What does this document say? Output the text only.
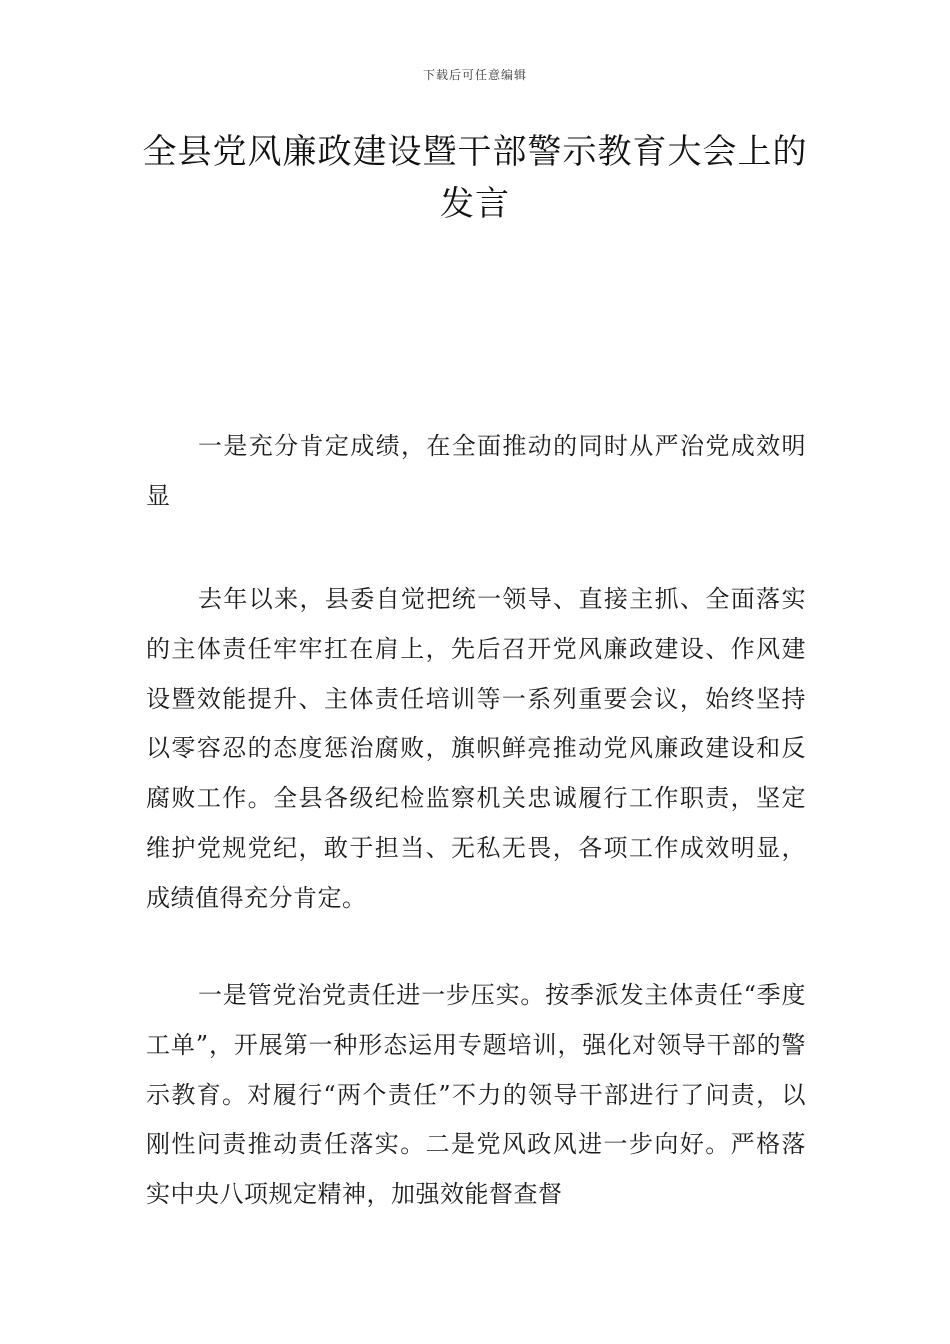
下载后可任意编辑
全县党风廉政建设暨干部警示教育大会上的发言
一是充分肯定成绩，在全面推动的同时从严治党成效明显
去年以来，县委自觉把统一领导、直接主抓、全面落实的主体责任牢牢扛在肩上，先后召开党风廉政建设、作风建设暨效能提升、主体责任培训等一系列重要会议，始终坚持以零容忍的态度惩治腐败，旗帜鲜亮推动党风廉政建设和反腐败工作。全县各级纪检监察机关忠诚履行工作职责，坚定维护党规党纪，敢于担当、无私无畏，各项工作成效明显，成绩值得充分肯定。
一是管党治党责任进一步压实。按季派发主体责任“季度工单”，开展第一种形态运用专题培训，强化对领导干部的警示教育。对履行“两个责任”不力的领导干部进行了问责，以刚性问责推动责任落实。二是党风政风进一步向好。严格落实中央八项规定精神，加强效能督查督
